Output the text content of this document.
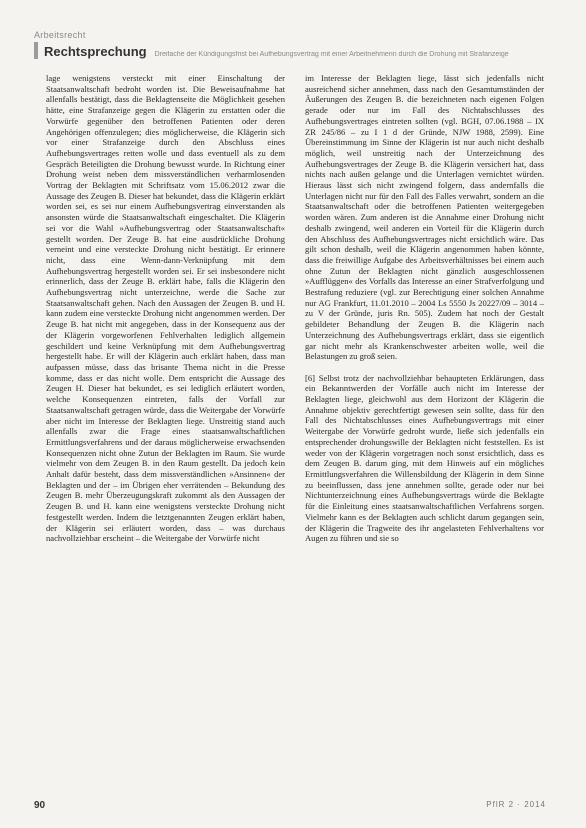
Arbeitsrecht
Rechtsprechung Dreifache der Kündigungsfrist bei Aufhebungsvertrag mit einer Arbeitnehmerin durch die Drohung mit Strafanzeige

lage wenigstens versteckt mit einer Einschaltung der Staatsanwaltschaft bedroht worden ist. Die Beweisaufnahme hat allenfalls bestätigt, dass die Beklagtenseite die Möglichkeit gesehen hätte, eine Strafanzeige gegen die Klägerin zu erstatten oder die Vorwürfe gegenüber den betroffenen Patienten oder deren Angehörigen offenzulegen; dies möglicherweise, die Klägerin sich vor einer Strafanzeige durch den Abschluss eines Aufhebungsvertrages retten wolle und dass eventuell als zu dem Gespräch Beteiligten die Drohung bewusst wurde. In Richtung einer Drohung weist neben dem missverständlichen verharmlosenden Vortrag der Beklagten mit Schriftsatz vom 15.06.2012 zwar die Aussage des Zeugen B. Dieser hat bekundet, dass die Klägerin erklärt worden sei, es sei nur einem Aufhebungsvertrag einverstanden als ansonsten würde die Staatsanwaltschaft eingeschaltet. Die Klägerin sei vor die Wahl »Aufhebungsvertrag oder Staatsanwaltschaft« gestellt worden. Der Zeuge B. hat eine ausdrückliche Drohung verneint und eine versteckte Drohung nicht bestätigt. Er erinnere nicht, dass eine Wenn-dann-Verknüpfung mit dem Aufhebungsvertrag hergestellt worden sei. Er sei insbesondere nicht erinnerlich, dass der Zeuge B. erklärt habe, falls die Klägerin den Aufhebungsvertrag nicht unterzeichne, werde die Sache zur Staatsanwaltschaft gehen. Nach den Aussagen der Zeugen B. und H. kann zudem eine versteckte Drohung nicht angenommen werden. Der Zeuge B. hat nicht mit angegeben, dass in der Konsequenz aus der der Klägerin vorgeworfenen Fehlverhalten lediglich allgemein geschildert und keine Verknüpfung mit dem Aufhebungsvertrag hergestellt habe. Er will der Klägerin auch erklärt haben, dass man aufpassen müsse, dass das brisante Thema nicht in die Presse komme, dass er das nicht wolle. Dem entspricht die Aussage des Zeugen H. Dieser hat bekundet, es sei lediglich erläutert worden, welche Konsequenzen eintreten, falls der Vorfall zur Staatsanwaltschaft getragen würde, dass die Weitergabe der Vorwürfe aber nicht im Interesse der Beklagten liege. Unstreitig stand auch allenfalls zwar die Frage eines staatsanwaltschaftlichen Ermittlungsverfahrens und der daraus möglicherweise erwachsenden Konsequenzen nicht ohne Zutun der Beklagten im Raum. Sie wurde vielmehr von dem Zeugen B. in den Raum gestellt. Da jedoch kein Anhalt dafür besteht, dass dem missverständlichen »Ansinnen« der Beklagten und der – im Übrigen eher verrätenden – Bekundung des Zeugen B. mehr Überzeugungskraft zukommt als den Aussagen der Zeugen B. und H. kann eine wenigstens versteckte Drohung nicht festgestellt werden. Indem die letztgenannten Zeugen erklärt haben, der Klägerin sei erläutert worden, dass – was durchaus nachvollziehbar erscheint – die Weitergabe der Vorwürfe nicht

im Interesse der Beklagten liege, lässt sich jedenfalls nicht ausreichend sicher annehmen, dass nach den Gesamtumständen der Äußerungen des Zeugen B. die bezeichneten nach eigenen Folgen gerade oder nur im Fall des Nichtabschlusses des Aufhebungsvertrages eintreten sollten (vgl. BGH, 07.06.1988 – IX ZR 245/86 – zu I 1 d der Gründe, NJW 1988, 2599). Eine Übereinstimmung im Sinne der Klägerin ist nur auch nicht deshalb möglich, weil unstreitig nach der Unterzeichnung des Aufhebungsvertrages der Zeuge B. die Klägerin versichert hat, dass nichts nach außen gelange und die Unterlagen vernichtet würden. Hieraus lässt sich nicht zwingend folgern, dass andernfalls die Unterlagen nicht nur für den Fall des Falles verwahrt, sondern an die Staatsanwaltschaft oder die betroffenen Patienten weitergegeben worden wären. Zum anderen ist die Annahme einer Drohung nicht deshalb zwingend, weil anderen ein Vorteil für die Klägerin durch den Abschluss des Aufhebungsvertrages nicht ersichtlich wäre. Das gilt schon deshalb, weil die Klägerin angenommen haben könnte, dass die freiwillige Aufgabe des Arbeitsverhältnisses bei einem auch ohne Zutun der Beklagten nicht gänzlich ausgeschlossenen »Aufflüggen« des Vorfalls das Interesse an einer Strafverfolgung und Bestrafung reduziere (vgl. zur Berechtigung einer solchen Annahme nur AG Frankfurt, 11.01.2010 – 2004 Ls 5550 Js 20227/09 – 3014 – zu V der Gründe, juris Rn. 505). Zudem hat noch der Gestalt gebildeter Behandlung der Zeugen B. die Klägerin nach Unterzeichnung des Aufhebungsvertrags erklärt, dass sie eigentlich gar nicht mehr als Krankenschwester arbeiten wolle, weil die Belastungen zu groß seien.

[6] Selbst trotz der nachvollziehbar behaupteten Erklärungen, dass ein Bekanntwerden der Vorfälle auch nicht im Interesse der Beklagten liege, gleichwohl aus dem Horizont der Klägerin die Annahme objektiv gerechtfertigt gewesen sein sollte, dass für den Fall des Nichtabschlusses eines Aufhebungsvertrags mit einer Weitergabe der Vorwürfe gedroht wurde, ließe sich jedenfalls ein entsprechender drohungswille der Beklagten nicht feststellen. Es ist weder von der Klägerin vorgetragen noch sonst ersichtlich, dass es dem Zeugen B. darum ging, mit dem Hinweis auf ein mögliches Ermittlungsverfahren die Willensbildung der Klägerin in dem Sinne zu beeinflussen, dass jene annehmen sollte, gerade oder nur bei Nichtunterzeichnung eines Aufhebungsvertrags würde die Beklagte für die Einleitung eines staatsanwaltschaftlichen Verfahrens sorgen. Vielmehr kann es der Beklagten auch schlicht darum gegangen sein, der Klägerin die Tragweite des ihr angelasteten Fehlverhaltens vor Augen zu führen und sie so

90	PflR 2 · 2014
